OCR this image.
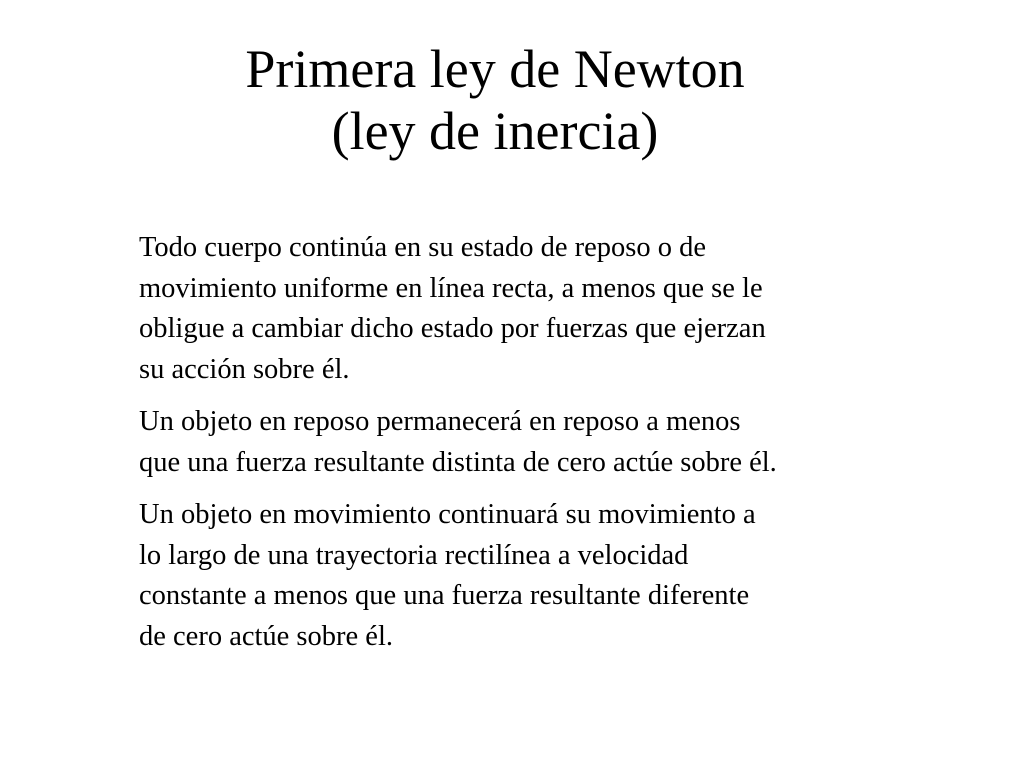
Primera ley de Newton
(ley de inercia)

Todo cuerpo continúa en su estado de reposo o de
movimiento uniforme en línea recta, a menos que se le
obligue a cambiar dicho estado por fuerzas que ejerzan
su acción sobre él.

Un objeto en reposo permanecerá en reposo a menos
que una fuerza resultante distinta de cero actúe sobre él.

Un objeto en movimiento continuará su movimiento a
lo largo de una trayectoria rectilínea a velocidad
constante a menos que una fuerza resultante diferente
de cero actúe sobre él.
